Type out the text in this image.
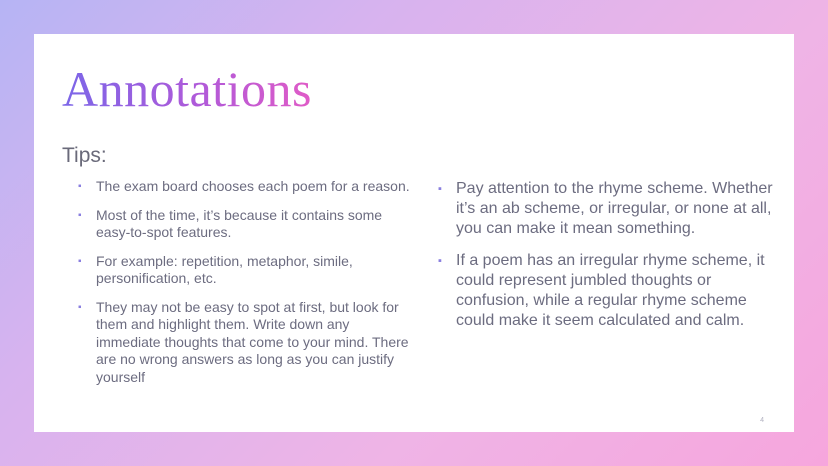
Annotations
Tips:
▪ The exam board chooses each poem for a reason.
▪ Most of the time, it’s because it contains some easy-to-spot features.
▪ For example: repetition, metaphor, simile, personification, etc.
▪ They may not be easy to spot at first, but look for them and highlight them. Write down any immediate thoughts that come to your mind. There are no wrong answers as long as you can justify yourself
▪ Pay attention to the rhyme scheme. Whether it’s an ab scheme, or irregular, or none at all, you can make it mean something.
▪ If a poem has an irregular rhyme scheme, it could represent jumbled thoughts or confusion, while a regular rhyme scheme could make it seem calculated and calm.
4
